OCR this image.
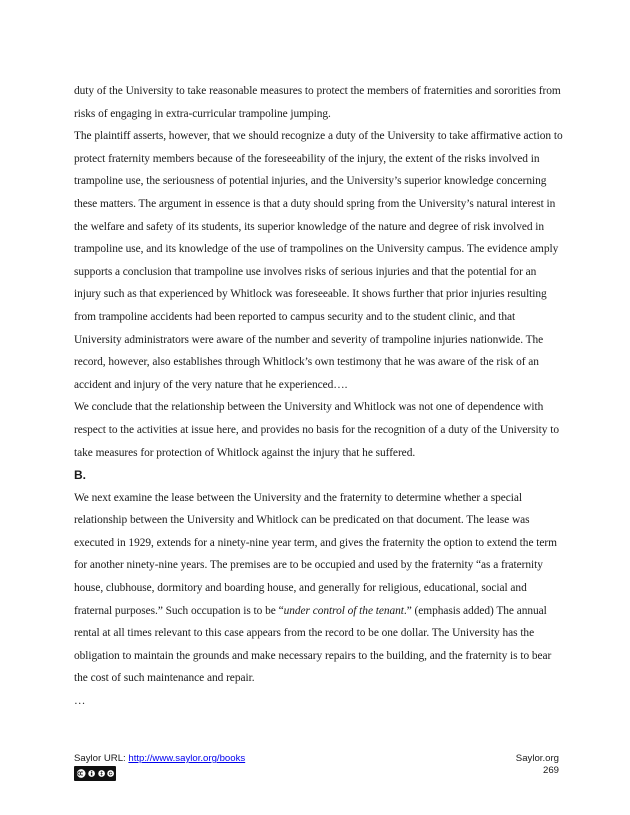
duty of the University to take reasonable measures to protect the members of fraternities and sororities from risks of engaging in extra-curricular trampoline jumping.

The plaintiff asserts, however, that we should recognize a duty of the University to take affirmative action to protect fraternity members because of the foreseeability of the injury, the extent of the risks involved in trampoline use, the seriousness of potential injuries, and the University’s superior knowledge concerning these matters. The argument in essence is that a duty should spring from the University’s natural interest in the welfare and safety of its students, its superior knowledge of the nature and degree of risk involved in trampoline use, and its knowledge of the use of trampolines on the University campus. The evidence amply supports a conclusion that trampoline use involves risks of serious injuries and that the potential for an injury such as that experienced by Whitlock was foreseeable. It shows further that prior injuries resulting from trampoline accidents had been reported to campus security and to the student clinic, and that University administrators were aware of the number and severity of trampoline injuries nationwide. The record, however, also establishes through Whitlock’s own testimony that he was aware of the risk of an accident and injury of the very nature that he experienced….

We conclude that the relationship between the University and Whitlock was not one of dependence with respect to the activities at issue here, and provides no basis for the recognition of a duty of the University to take measures for protection of Whitlock against the injury that he suffered.

B.

We next examine the lease between the University and the fraternity to determine whether a special relationship between the University and Whitlock can be predicated on that document. The lease was executed in 1929, extends for a ninety-nine year term, and gives the fraternity the option to extend the term for another ninety-nine years. The premises are to be occupied and used by the fraternity “as a fraternity house, clubhouse, dormitory and boarding house, and generally for religious, educational, social and fraternal purposes.” Such occupation is to be “under control of the tenant.” (emphasis added) The annual rental at all times relevant to this case appears from the record to be one dollar. The University has the obligation to maintain the grounds and make necessary repairs to the building, and the fraternity is to bear the cost of such maintenance and repair.

…

Saylor URL: http://www.saylor.org/books	Saylor.org
269
